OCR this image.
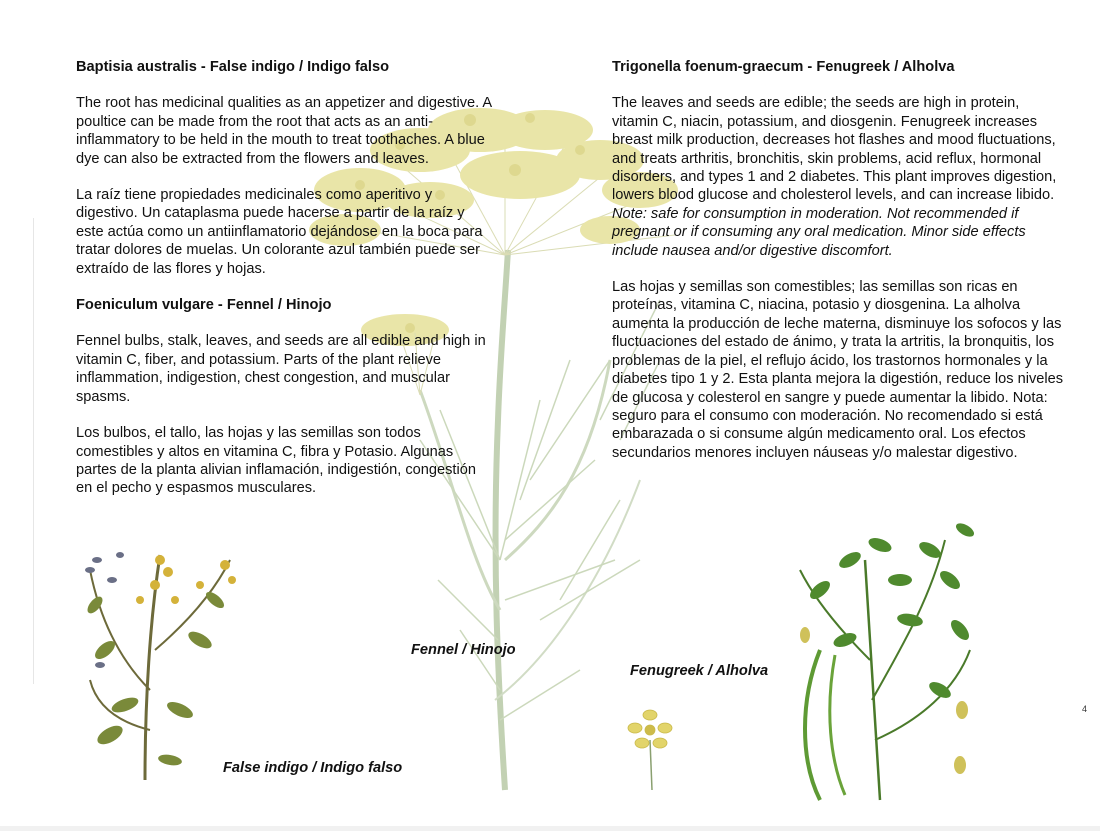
Baptisia australis - False indigo / Indigo falso

The root has medicinal qualities as an appetizer and digestive. A poultice can be made from the root that acts as an anti-inflammatory to be held in the mouth to treat toothaches. A blue dye can also be extracted from the flowers and leaves.

La raíz tiene propiedades medicinales como aperitivo y digestivo. Un cataplasma puede hacerse a partir de la raíz y este actúa como un antiinflamatorio dejándose en la boca para tratar dolores de muelas. Un colorante azul también puede ser extraído de las flores y hojas.

Foeniculum vulgare - Fennel / Hinojo

Fennel bulbs, stalk, leaves, and seeds are all edible and high in vitamin C, fiber, and potassium. Parts of the plant relieve inflammation, indigestion, chest congestion, and muscular spasms.

Los bulbos, el tallo, las hojas y las semillas son todos comestibles y altos en vitamina C, fibra y Potasio. Algunas partes de la planta alivian inflamación, indigestión, congestión en el pecho y espasmos musculares.

Trigonella foenum-graecum - Fenugreek / Alholva

The leaves and seeds are edible; the seeds are high in protein, vitamin C, niacin, potassium, and diosgenin. Fenugreek increases breast milk production, decreases hot flashes and mood fluctuations, and treats arthritis, bronchitis, skin problems, acid reflux, hormonal disorders, and types 1 and 2 diabetes. This plant improves digestion, lowers blood glucose and cholesterol levels, and can increase libido. Note: safe for consumption in moderation. Not recommended if pregnant or if consuming any oral medication. Minor side effects include nausea and/or digestive discomfort.

Las hojas y semillas son comestibles; las semillas son ricas en proteínas, vitamina C, niacina, potasio y diosgenina. La alholva aumenta la producción de leche materna, disminuye los sofocos y las fluctuaciones del estado de ánimo, y trata la artritis, la bronquitis, los problemas de la piel, el reflujo ácido, los trastornos hormonales y la diabetes tipo 1 y 2. Esta planta mejora la digestión, reduce los niveles de glucosa y colesterol en sangre y puede aumentar la libido. Nota: seguro para el consumo con moderación. No recomendado si está embarazada o si consume algún medicamento oral. Los efectos secundarios menores incluyen náuseas y/o malestar digestivo.

Fennel / Hinojo
Fenugreek / Alholva
False indigo / Indigo falso
4
